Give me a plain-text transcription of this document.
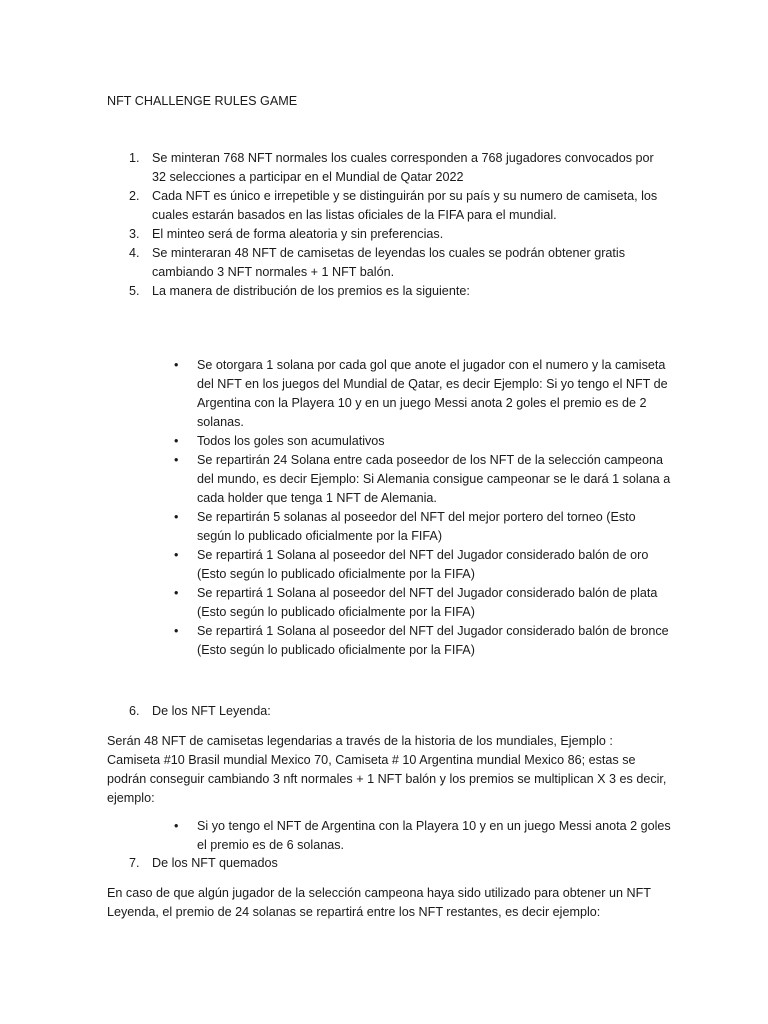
NFT CHALLENGE RULES GAME
1. Se minteran 768 NFT normales los cuales corresponden a 768 jugadores convocados por 32 selecciones a participar en el Mundial de Qatar 2022
2. Cada NFT es único e irrepetible y se distinguirán por su país y su numero de camiseta, los cuales estarán basados en las listas oficiales de la FIFA para el mundial.
3. El minteo será de forma aleatoria y sin preferencias.
4. Se minteraran 48 NFT de camisetas de leyendas los cuales se podrán obtener gratis cambiando 3 NFT normales + 1 NFT balón.
5. La manera de distribución de los premios es la siguiente:
• Se otorgara 1 solana por cada gol que anote el jugador con el numero y la camiseta del NFT en los juegos del Mundial de Qatar, es decir Ejemplo: Si yo tengo el NFT de Argentina con la Playera 10 y en un juego Messi anota 2 goles el premio es de 2 solanas.
• Todos los goles son acumulativos
• Se repartirán 24 Solana entre cada poseedor de los NFT de la selección campeona del mundo, es decir Ejemplo: Si Alemania consigue campeonar se le dará 1 solana a cada holder que tenga 1 NFT de Alemania.
• Se repartirán 5 solanas al poseedor del NFT del mejor portero del torneo (Esto según lo publicado oficialmente por la FIFA)
• Se repartirá 1 Solana al poseedor del NFT del Jugador considerado balón de oro (Esto según lo publicado oficialmente por la FIFA)
• Se repartirá 1 Solana al poseedor del NFT del Jugador considerado balón de plata (Esto según lo publicado oficialmente por la FIFA)
• Se repartirá 1 Solana al poseedor del NFT del Jugador considerado balón de bronce (Esto según lo publicado oficialmente por la FIFA)
6. De los NFT Leyenda:

Serán 48 NFT de camisetas legendarias a través de la historia de los mundiales, Ejemplo : Camiseta #10 Brasil mundial Mexico 70, Camiseta # 10 Argentina mundial Mexico 86; estas se podrán conseguir cambiando 3 nft normales + 1 NFT balón y los premios se multiplican X 3 es decir, ejemplo:

• Si yo tengo el NFT de Argentina con la Playera 10 y en un juego Messi anota 2 goles el premio es de 6 solanas.
7. De los NFT quemados

En caso de que algún jugador de la selección campeona haya sido utilizado para obtener un NFT Leyenda, el premio de 24 solanas se repartirá entre los NFT restantes, es decir ejemplo:
